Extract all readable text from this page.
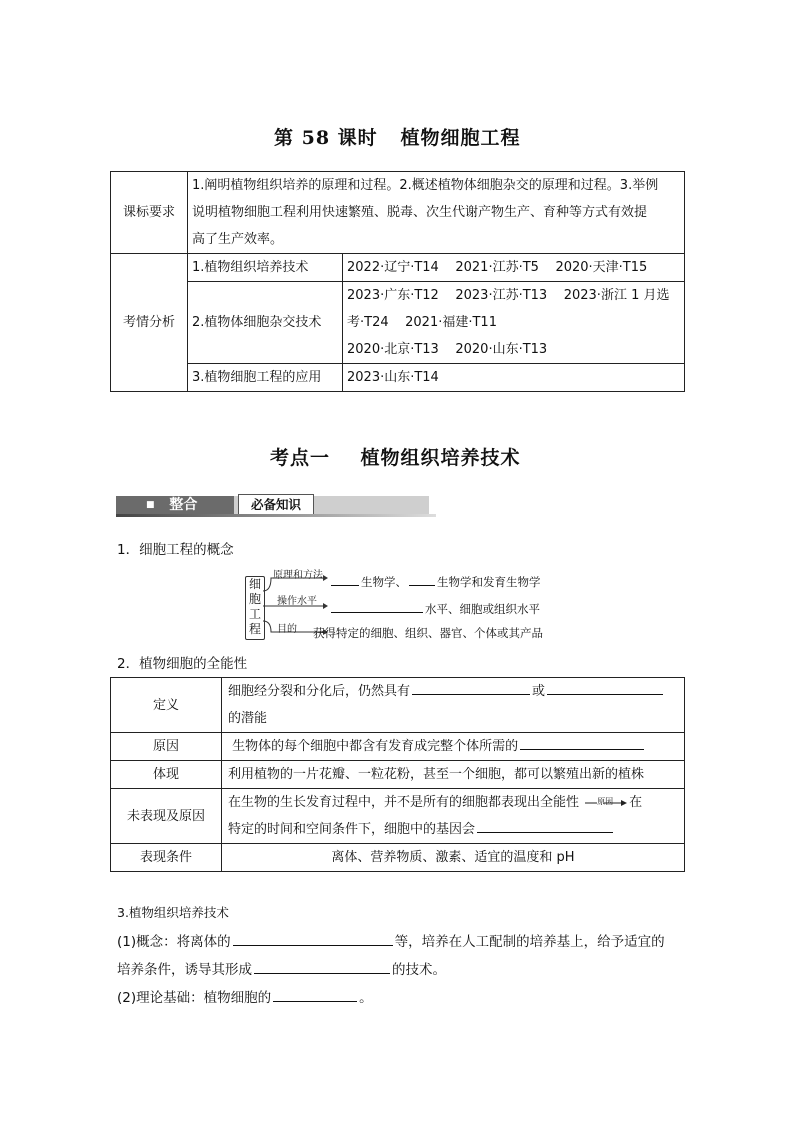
第 58 课时   植物细胞工程
课标要求	1.阐明植物组织培养的原理和过程。2.概述植物体细胞杂交的原理和过程。3.举例
说明植物细胞工程利用快速繁殖、脱毒、次生代谢产物生产、育种等方式有效提
高了生产效率。	

考情分析	1.植物组织培养技术	2022·辽宁·T14    2021·江苏·T5    2020·天津·T15

	2.植物体细胞杂交技术	2023·广东·T12    2023·江苏·T13    2023·浙江 1 月选
考·T24    2021·福建·T11
2020·北京·T13    2020·山东·T13

	3.植物细胞工程的应用	2023·山东·T14
考点一    植物组织培养技术
■ 整合	必备知识
1．细胞工程的概念
细
胞
工
程
原理和方法
操作水平
目的
生物学、	生物学和发育生物学
水平、细胞或组织水平
获得特定的细胞、组织、器官、个体或其产品
2．植物细胞的全能性
定义	细胞经分裂和分化后，仍然具有 或
的潜能

原因	生物体的每个细胞中都含有发育成完整个体所需的
体现	利用植物的一片花瓣、一粒花粉，甚至一个细胞，都可以繁殖出新的植株
未表现及原因	在生物的生长发育过程中，并不是所有的细胞都表现出全能性 原因 在
特定的时间和空间条件下，细胞中的基因会

表现条件	离体、营养物质、激素、适宜的温度和 pH
3.植物组织培养技术
(1)概念：将离体的	等，培养在人工配制的培养基上，给予适宜的
培养条件，诱导其形成	的技术。
(2)理论基础：植物细胞的	。
